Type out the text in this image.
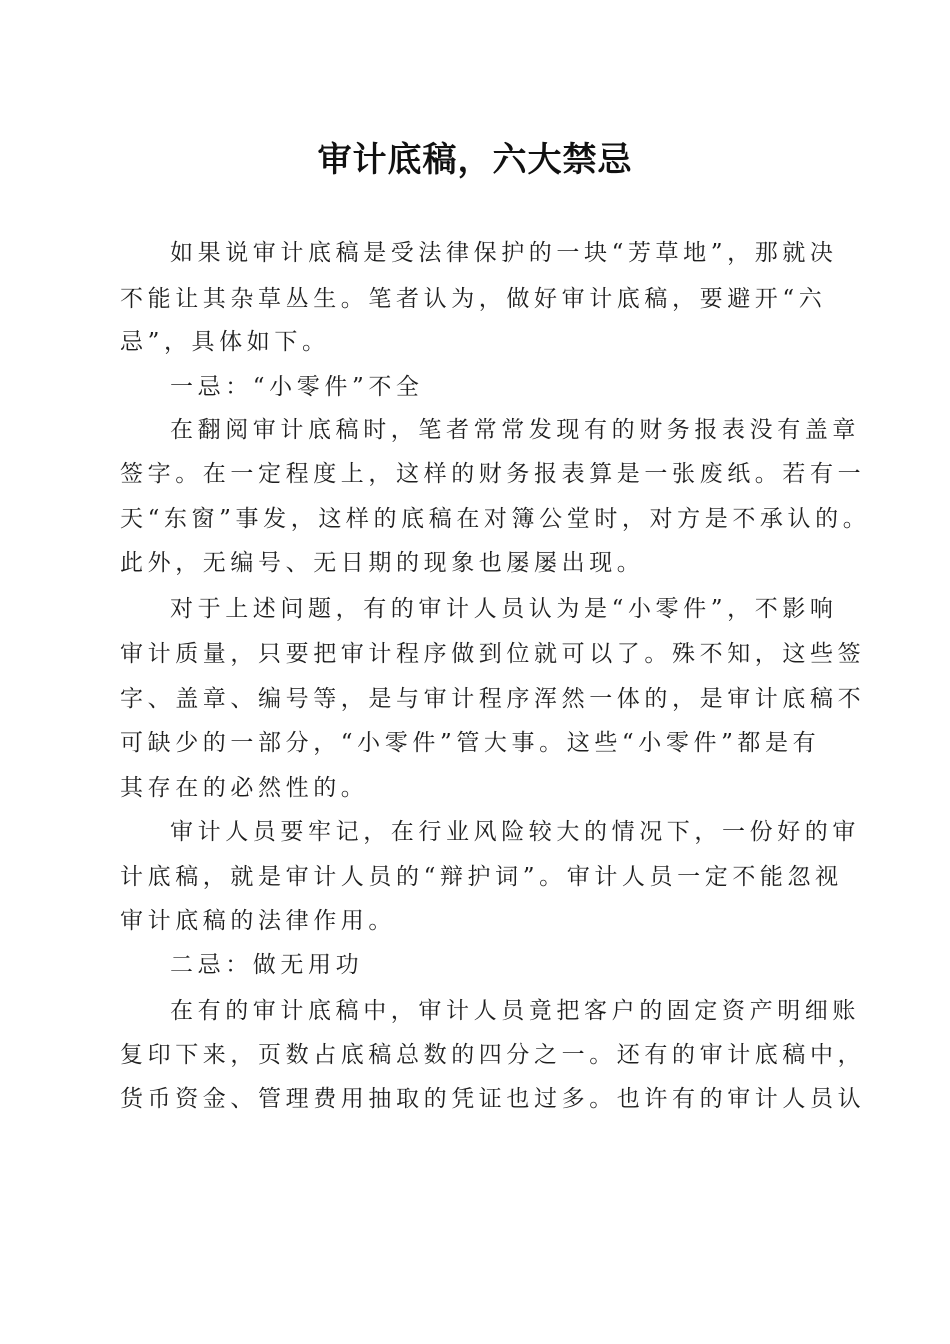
审计底稿，六大禁忌
如果说审计底稿是受法律保护的一块“芳草地”，那就决
不能让其杂草丛生。笔者认为，做好审计底稿，要避开“六
忌”，具体如下。
一忌：“小零件”不全
在翻阅审计底稿时，笔者常常发现有的财务报表没有盖章
签字。在一定程度上，这样的财务报表算是一张废纸。若有一
天“东窗”事发，这样的底稿在对簿公堂时，对方是不承认的。
此外，无编号、无日期的现象也屡屡出现。
对于上述问题，有的审计人员认为是“小零件”，不影响
审计质量，只要把审计程序做到位就可以了。殊不知，这些签
字、盖章、编号等，是与审计程序浑然一体的，是审计底稿不
可缺少的一部分，“小零件”管大事。这些“小零件”都是有
其存在的必然性的。
审计人员要牢记，在行业风险较大的情况下，一份好的审
计底稿，就是审计人员的“辩护词”。审计人员一定不能忽视
审计底稿的法律作用。
二忌：做无用功
在有的审计底稿中，审计人员竟把客户的固定资产明细账
复印下来，页数占底稿总数的四分之一。还有的审计底稿中，
货币资金、管理费用抽取的凭证也过多。也许有的审计人员认
